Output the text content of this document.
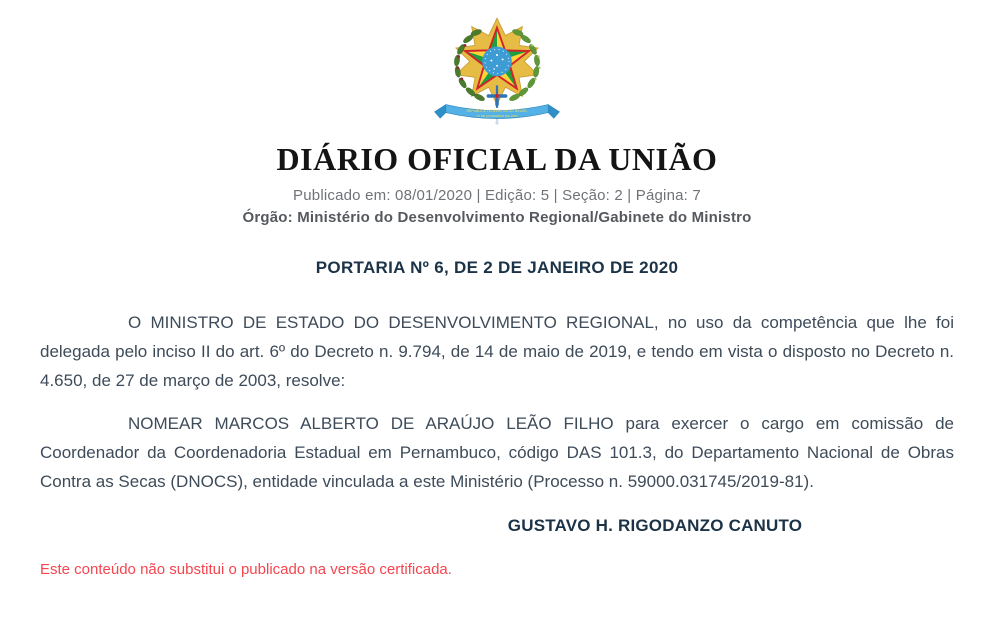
REPÚBLICA FEDERATIVA DO BRASIL
15 DE NOVEMBRO DE 1889
DIÁRIO OFICIAL DA UNIÃO

Publicado em: 08/01/2020 | Edição: 5 | Seção: 2 | Página: 7

Órgão: Ministério do Desenvolvimento Regional/Gabinete do Ministro

PORTARIA Nº 6, DE 2 DE JANEIRO DE 2020

O MINISTRO DE ESTADO DO DESENVOLVIMENTO REGIONAL, no uso da competência que lhe foi delegada pelo inciso II do art. 6º do Decreto n. 9.794, de 14 de maio de 2019, e tendo em vista o disposto no Decreto n. 4.650, de 27 de março de 2003, resolve:

NOMEAR MARCOS ALBERTO DE ARAÚJO LEÃO FILHO para exercer o cargo em comissão de Coordenador da Coordenadoria Estadual em Pernambuco, código DAS 101.3, do Departamento Nacional de Obras Contra as Secas (DNOCS), entidade vinculada a este Ministério (Processo n. 59000.031745/2019-81).

GUSTAVO H. RIGODANZO CANUTO

Este conteúdo não substitui o publicado na versão certificada.
